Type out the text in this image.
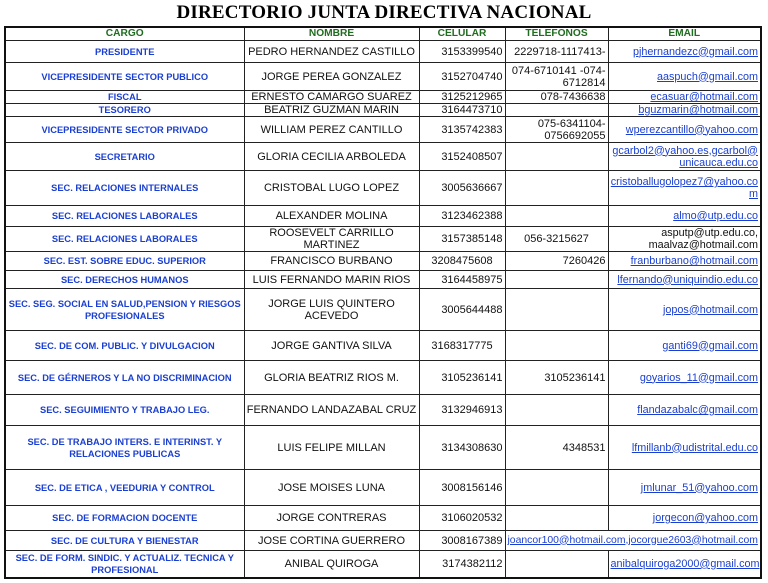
DIRECTORIO JUNTA DIRECTIVA NACIONAL
CARGO	NOMBRE	CELULAR	TELEFONOS	EMAIL
PRESIDENTE	PEDRO HERNANDEZ CASTILLO	3153399540	2229718-1117413-	pjhernandezc@gmail.com
VICEPRESIDENTE SECTOR PUBLICO	JORGE PEREA GONZALEZ	3152704740	074-6710141 -074-6712814	aaspuch@gmail.com
FISCAL	ERNESTO CAMARGO SUAREZ	3125212965	078-7436638	ecasuar@hotmail.com
TESORERO	BEATRIZ GUZMAN MARIN	3164473710		bguzmarin@hotmail.com
VICEPRESIDENTE SECTOR PRIVADO	WILLIAM PEREZ CANTILLO	3135742383	075-6341104-0756692055	wperezcantillo@yahoo.com
SECRETARIO	GLORIA CECILIA ARBOLEDA	3152408507		gcarbol2@yahoo.es,gcarbol@unicauca.edu.co
SEC. RELACIONES INTERNALES	CRISTOBAL LUGO LOPEZ	3005636667		cristoballugolopez7@yahoo.com
SEC. RELACIONES LABORALES	ALEXANDER MOLINA	3123462388		almo@utp.edu.co
SEC. RELACIONES LABORALES	ROOSEVELT CARRILLO MARTINEZ	3157385148	056-3215627	asputp@utp.edu.co, maalvaz@hotmail.com
SEC. EST. SOBRE EDUC. SUPERIOR	FRANCISCO BURBANO	3208475608	7260426	franburbano@hotmail.com
SEC. DERECHOS HUMANOS	LUIS FERNANDO MARIN RIOS	3164458975		lfernando@uniquindio.edu.co
SEC. SEG. SOCIAL EN SALUD,PENSION Y RIESGOS PROFESIONALES	JORGE LUIS QUINTERO ACEVEDO	3005644488		jopos@hotmail.com
SEC. DE COM. PUBLIC. Y DIVULGACION	JORGE GANTIVA SILVA	3168317775		ganti69@gmail.com
SEC. DE GÉRNEROS Y LA NO DISCRIMINACION	GLORIA BEATRIZ RIOS M.	3105236141	3105236141	goyarios_11@gmail.com
SEC. SEGUIMIENTO Y TRABAJO LEG.	FERNANDO LANDAZABAL CRUZ	3132946913		flandazabalc@gmail.com
SEC. DE TRABAJO INTERS. E INTERINST. Y RELACIONES PUBLICAS	LUIS FELIPE MILLAN	3134308630	4348531	lfmillanb@udistrital.edu.co
SEC. DE ETICA , VEEDURIA Y CONTROL	JOSE MOISES LUNA	3008156146		jmlunar_51@yahoo.com
SEC. DE FORMACION DOCENTE	JORGE CONTRERAS	3106020532		jorgecon@yahoo.com
SEC. DE CULTURA Y BIENESTAR	JOSE CORTINA GUERRERO	3008167389	joancor100@hotmail.com,jocorgue2603@hotmail.com	
SEC. DE FORM. SINDIC. Y ACTUALIZ. TECNICA Y PROFESIONAL	ANIBAL QUIROGA	3174382112		anibalquiroga2000@gmail.com
